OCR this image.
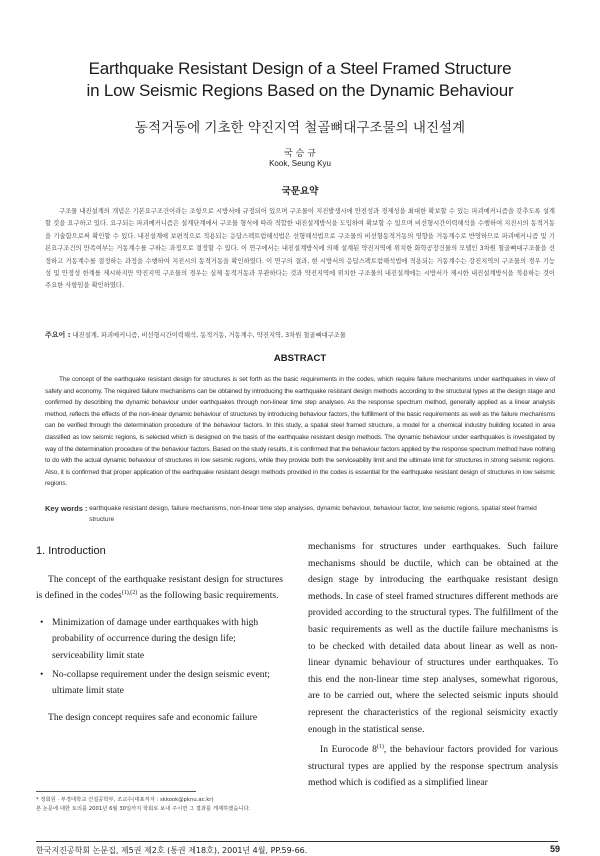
Earthquake Resistant Design of a Steel Framed Structure
in Low Seismic Regions Based on the Dynamic Behaviour
동적거동에 기초한 약진지역 철골뼈대구조물의 내진설계
국 승 규
Kook, Seung Kyu
국문요약
구조물 내진설계의 개념은 기본요구조건이라는 조항으로 시방서에 규정되어 있으며 구조물이 지진발생시에 안전성과 경제성을 최대한 확보할 수 있는 파괴메커니즘을 갖추도록 설계할 것을 요구하고 있다. 요구되는 파괴메커니즘은 설계단계에서 구조물 형식에 따라 적합한 내진설계방식을 도입하여 확보할 수 있으며 비선형시간이력해석을 수행하여 지진시의 동적거동을 기술함으로써 확인할 수 있다. 내진설계에 보편적으로 적용되는 응답스펙트럼해석법은 선형해석법으로 구조물의 비선형동적거동의 영향을 거동계수로 반영하므로 파괴메커니즘 및 기본요구조건의 만족여부는 거동계수를 구하는 과정으로 결정할 수 있다. 이 연구에서는 내진설계방식에 의해 설계된 약진지역에 위치한 화학공장건물의 모델인 3차원 철골뼈대구조물을 선정하고 거동계수를 결정하는 과정을 수행하여 지진시의 동적거동을 확인하였다. 이 연구의 결과, 현 시방서의 응답스펙트럼해석법에 적용되는 거동계수는 강진지역의 구조물의 경우 기능성 및 안정성 한계를 제시하지만 약진지역 구조물의 경우는 실제 동적거동과 무관하다는 것과 약진지역에 위치한 구조물의 내진설계에는 시방서가 제시한 내진설계방식을 적용하는 것이 주요한 사항임을 확인하였다.
주요어 : 내진설계, 파괴메커니즘, 비선형시간이력해석, 동적거동, 거동계수, 약진지역, 3차원 철골뼈대구조물
ABSTRACT
The concept of the earthquake resistant design for structures is set forth as the basic requirements in the codes, which require failure mechanisms under earthquakes in view of safety and economy. The required failure mechanisms can be obtained by introducing the earthquake resistant design methods according to the structural types at the design stage and confirmed by describing the dynamic behaviour under earthquakes through non-linear time step analyses. As the response spectrum method, generally applied as a linear analysis method, reflects the effects of the non-linear dynamic behaviour of structures by introducing behaviour factors, the fulfillment of the basic requirements as well as the failure mechanisms can be verified through the determination procedure of the behaviour factors. In this study, a spatial steel framed structure, a model for a chemical industry building located in area classified as low seismic regions, is selected which is designed on the basis of the earthquake resistant design methods. The dynamic behaviour under earthquakes is investigated by way of the determination procedure of the behaviour factors. Based on the study results, it is confirmed that the behaviour factors applied by the response spectrum method have nothing to do with the actual dynamic behaviour of structures in low seismic regions, while they provide both the serviceability limit and the ultimate limit for structures in strong seismic regions. Also, it is confirmed that proper application of the earthquake resistant design methods provided in the codes is essential for the earthquake resistant design of structures in low seismic regions.
Key words : earthquake resistant design, failure mechanisms, non-linear time step analyses, dynamic behaviour, behaviour factor, low seismic regions, spatial steel framed structure
1. Introduction

The concept of the earthquake resistant design for structures is defined in the codes$^{(1),(2)}$ as the following basic requirements.

• Minimization of damage under earthquakes with high probability of occurrence during the design life; serviceability limit state
• No-collapse requirement under the design seismic event; ultimate limit state

The design concept requires safe and economic failure

mechanisms for structures under earthquakes. Such failure mechanisms should be ductile, which can be obtained at the design stage by introducing the earthquake resistant design methods. In case of steel framed structures different methods are provided according to the structural types. The fulfillment of the basic requirements as well as the ductile failure mechanisms is to be checked with detailed data about linear as well as non-linear dynamic behaviour of structures under earthquakes. To this end the non-linear time step analyses, somewhat rigorous, are to be carried out, where the selected seismic inputs should represent the characteristics of the regional seismicity exactly enough in the statistical sense.

In Eurocode 8$^{(1)}$, the behaviour factors provided for various structural types are applied by the response spectrum analysis method which is codified as a simplified linear

* 정회원 · 부경대학교 건설공학부, 조교수(대표저자 : skkook@pknu.ac.kr)

본 논문에 대한 토의를 2001년 6월 30일까지 학회로 보내 주시면 그 결과를 게재하겠습니다.

한국지진공학회 논문집, 제5권 제2호 (통권 제18호), 2001년 4월, PP.59-66.	59
